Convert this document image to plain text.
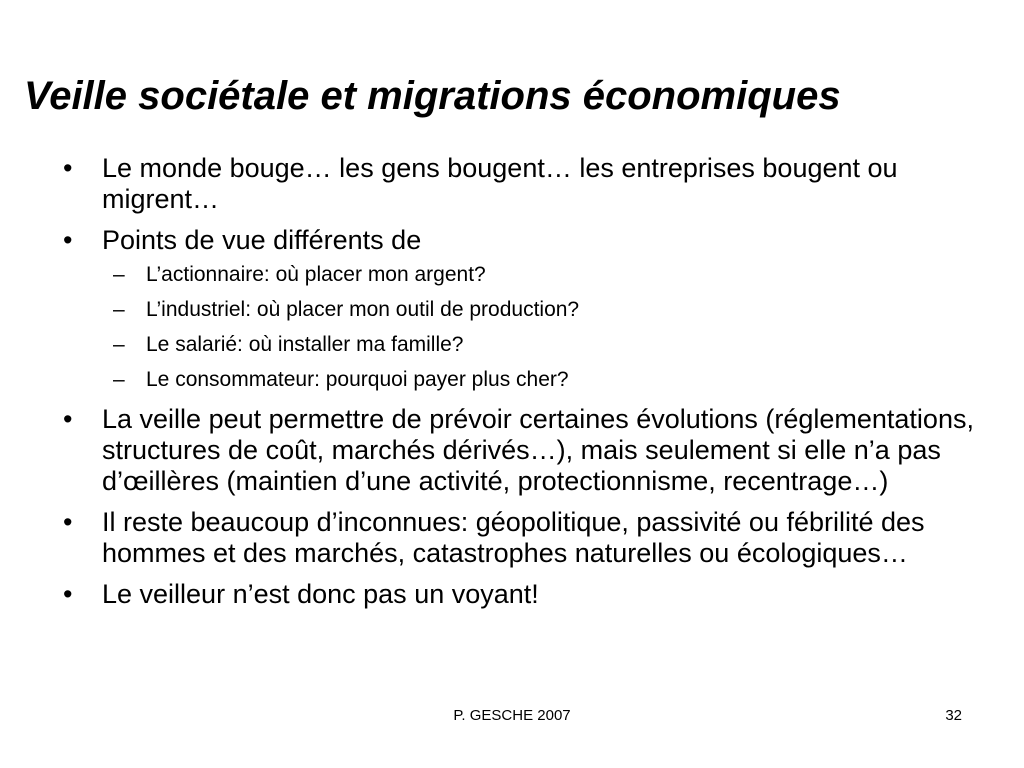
Veille sociétale et migrations économiques
•	Le monde bouge… les gens bougent… les entreprises bougent ou migrent…
•	Points de vue différents de
–	L’actionnaire: où placer mon argent?
–	L’industriel: où placer mon outil de production?
–	Le salarié: où installer ma famille?
–	Le consommateur: pourquoi payer plus cher?
•	La veille peut permettre de prévoir certaines évolutions (réglementations, structures de coût, marchés dérivés…), mais seulement si elle n’a pas d’œillères (maintien d’une activité, protectionnisme, recentrage…)
•	Il reste beaucoup d’inconnues: géopolitique, passivité ou fébrilité des hommes et des marchés, catastrophes naturelles ou écologiques…
•	Le veilleur n’est donc pas un voyant!
P. GESCHE 2007	32
